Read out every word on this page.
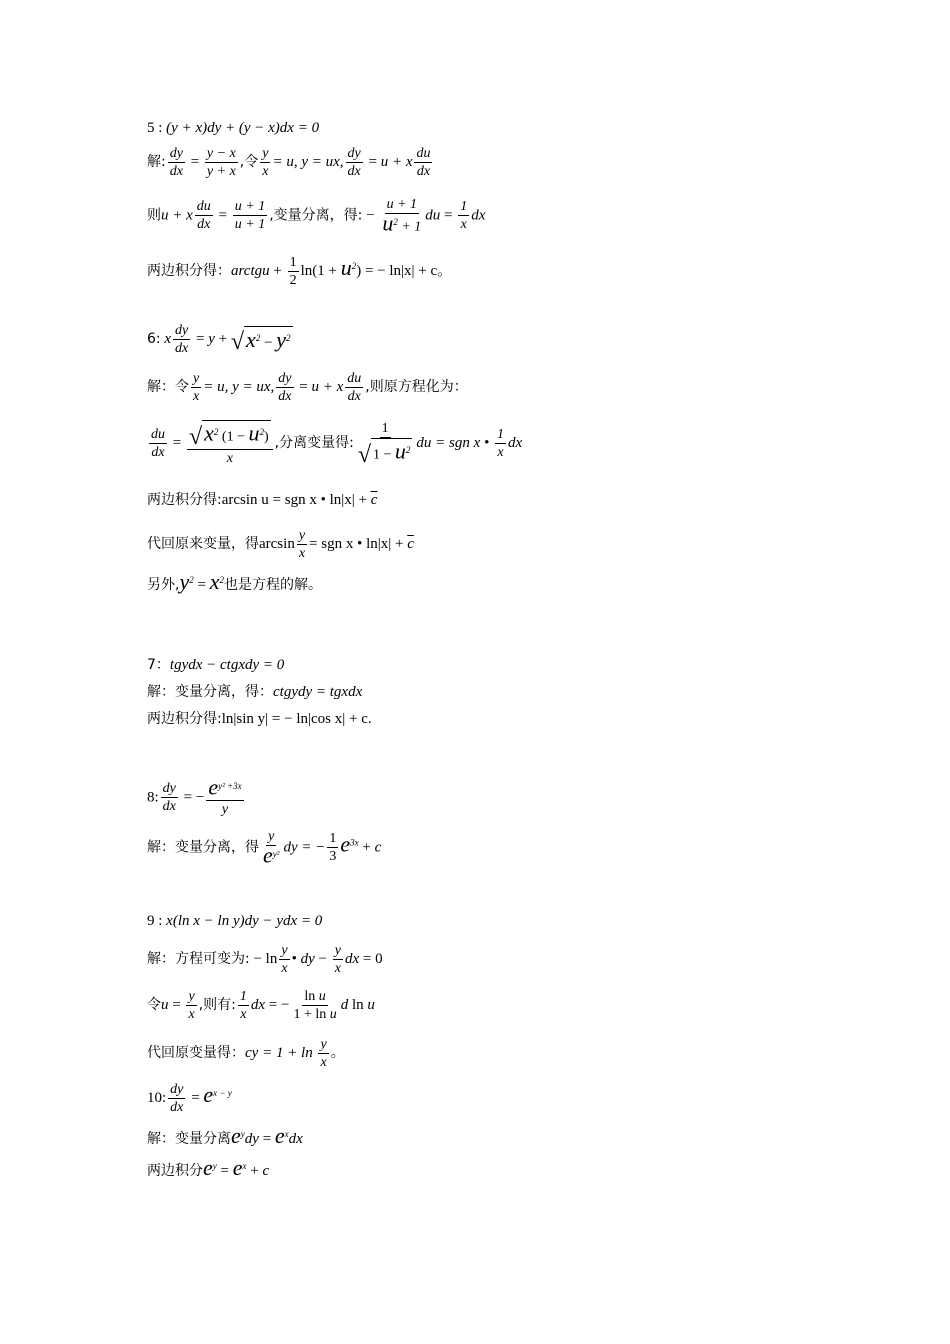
5 : (y + x)dy + (y − x)dx = 0
解: $\frac{dy}{dx} = \frac{y - x}{y + x}$ ,令 $\frac{y}{x} = u$, y = ux, $\frac{dy}{dx} = u + x \frac{du}{dx}$
则u + x $\frac{du}{dx} = \frac{u + 1}{u + 1}$ ,变量分离，得: − $\frac{u + 1}{u^2 + 1}$ du = $\frac{1}{x}$ dx
两边积分得：arctgu + $\frac{1}{2} \ln(1 + u^2)$ = − ln|x| + c。
6: x $\frac{dy}{dx} = y$ + √ $x^2 - y^2$
解：令 $\frac{y}{x} = u$, y = ux, $\frac{dy}{dx} = u + x \frac{du}{dx}$ ,则原方程化为：
$\frac{du}{dx} = \frac{√ x^2 (1 - u^2)}{x}$ ,分离变量得: $\frac{1}{√ 1 - u^2}$ du = sgn x • $\frac{1}{x}$ dx
两边积分得:arcsin u = sgn x • $\ln|x| + \overline{c}$
代回原来变量，得$\arcsin \frac{y}{x}$ = sgn x • $\ln|x| + \overline{c}$
另外$,y^2 = x^2$也是方程的解。
7：tgydx − ctgxdy = 0
解：变量分离，得：ctgydy = tgxdx
两边积分得:ln|sin y| = − ln|cos x| + c.
8: $\frac{dy}{dx}$ = − $\frac{e^{y^2 +3x}}{y}$
解：变量分离，得 $\frac{y}{e^{y^2}}$ dy = − $\frac{1}{3} e^{3x} + c$
9 : x(ln x − ln y)dy − ydx = 0
解：方程可变为: − $\ln \frac{y}{x}$ • dy − $\frac{y}{x}$ dx = 0
令$u = \frac{y}{x}$ ,则有: $\frac{1}{x}$ dx = − $\frac{\text{ln u}}{\text{1 + ln u}}$ d ln u
代回原变量得：cy = $1 + \ln \frac{y}{x}$ 。
10: $\frac{dy}{dx} = e^{x - y}$
解：变量分离$e^ydy = e^xdx$
两边积分$e^y = e^x + c$
